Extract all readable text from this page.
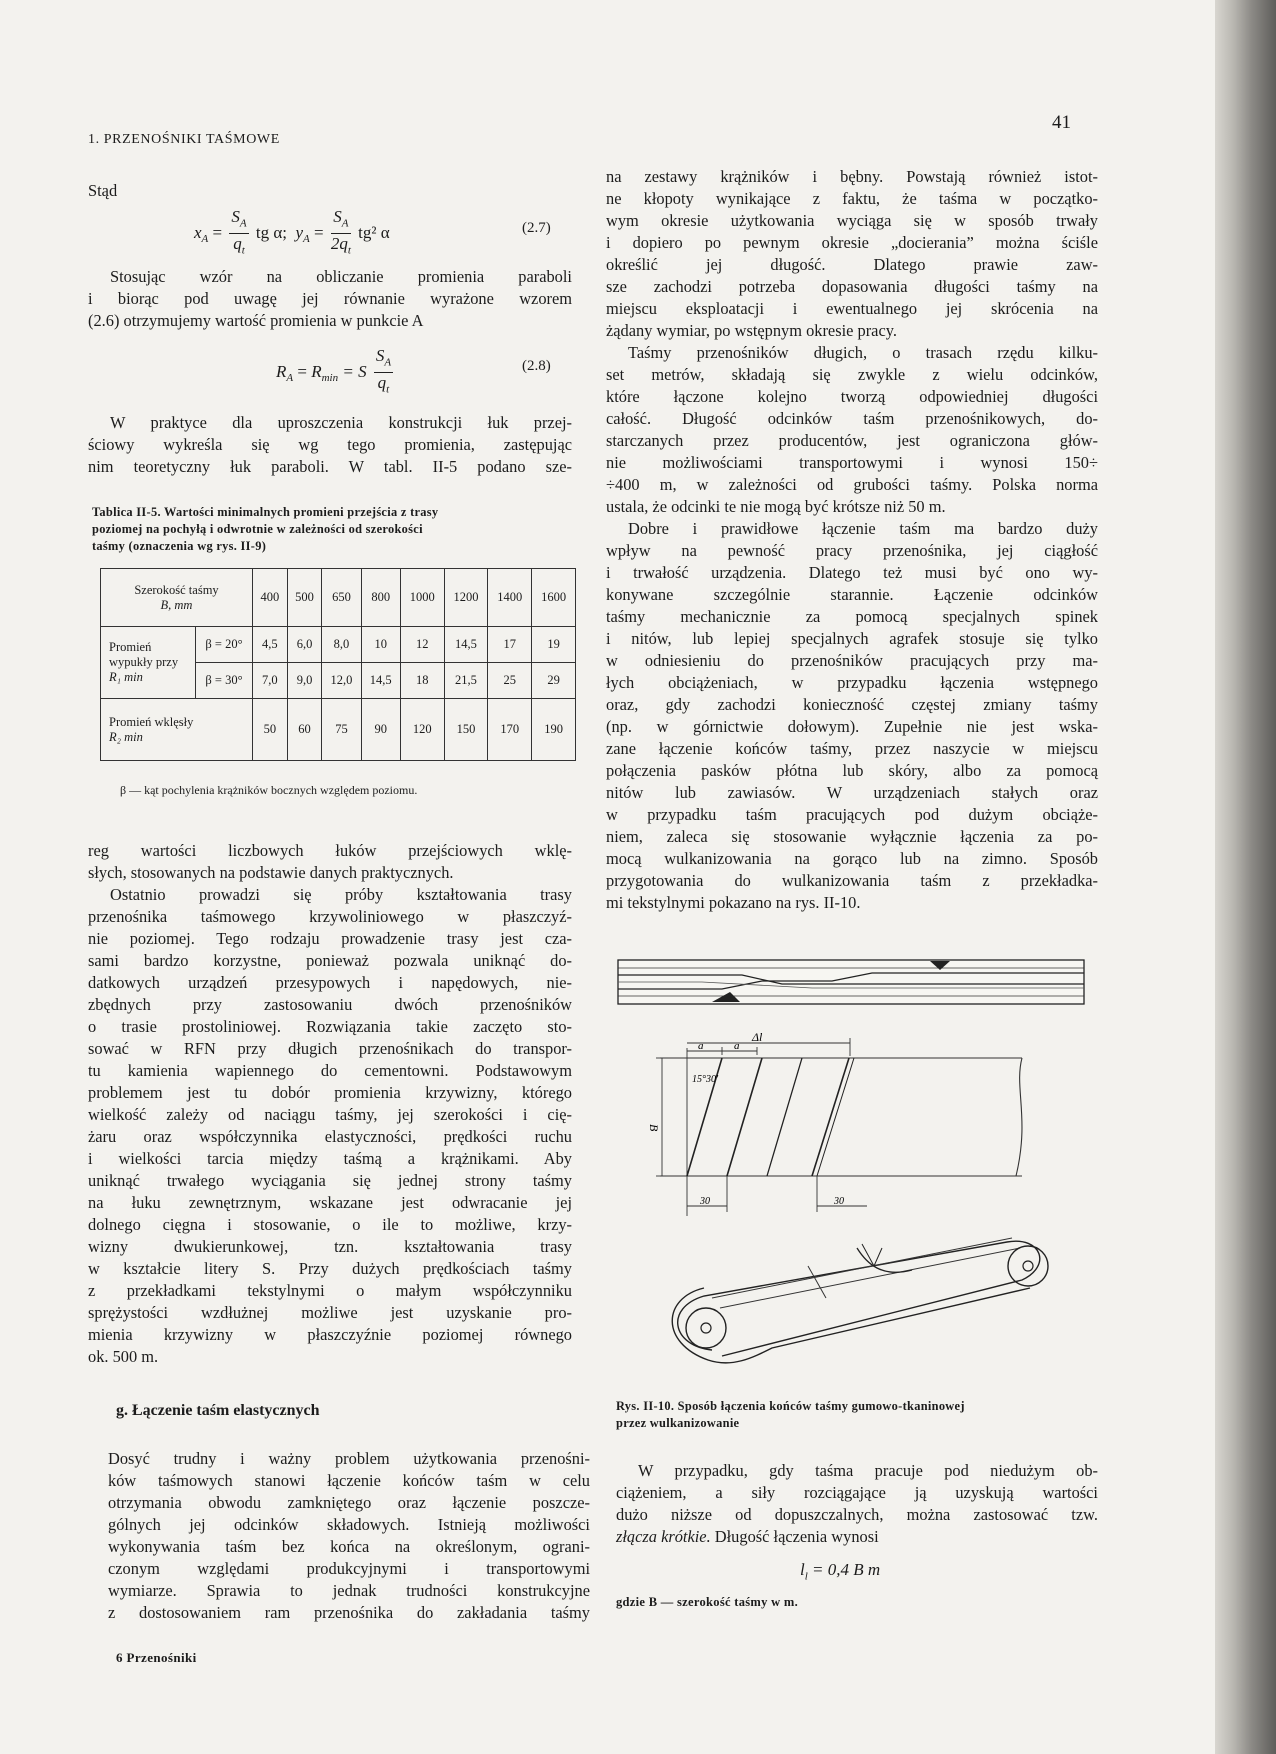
1. PRZENOŚNIKI TAŚMOWE
41
Stąd
$x_A = \frac{S_A}{q_t}$ tg α; $y_A = \frac{S_A}{2q_t} tg^2$ α	(2.7)

Stosując wzór na obliczanie promienia paraboli

i biorąc pod uwagę jej równanie wyrażone wzorem

(2.6) otrzymujemy wartość promienia w punkcie A

$R_A = R_{min} = S \frac{S_A}{q_t}$	(2.8)

W praktyce dla uproszczenia konstrukcji łuk przej-

ściowy wykreśla się wg tego promienia, zastępując

nim teoretyczny łuk paraboli. W tabl. II-5 podano sze-

Tablica II-5. Wartości minimalnych promieni przejścia z trasy
poziomej na pochyłą i odwrotnie w zależności od szerokości
taśmy (oznaczenia wg rys. II-9)
Szerokość taśmy
B, mm		400	500	650	800	1000	1200	1400	1600
Promień
wypukły przy
R₁ min	β = 20°	4,5	6,0	8,0	10	12	14,5	17	19
	β = 30°	7,0	9,0	12,0	14,5	18	21,5	25	29
Promień wklęsły
R₂ min		50	60	75	90	120	150	170	190
β — kąt pochylenia krążników bocznych względem poziomu.

reg wartości liczbowych łuków przejściowych wklę-

słych, stosowanych na podstawie danych praktycznych.

Ostatnio prowadzi się próby kształtowania trasy

przenośnika taśmowego krzywoliniowego w płaszczyź-

nie poziomej. Tego rodzaju prowadzenie trasy jest cza-

sami bardzo korzystne, ponieważ pozwala uniknąć do-

datkowych urządzeń przesypowych i napędowych, nie-

zbędnych przy zastosowaniu dwóch przenośników

o trasie prostoliniowej. Rozwiązania takie zaczęto sto-

sować w RFN przy długich przenośnikach do transpor-

tu kamienia wapiennego do cementowni. Podstawowym

problemem jest tu dobór promienia krzywizny, którego

wielkość zależy od naciągu taśmy, jej szerokości i cię-

żaru oraz współczynnika elastyczności, prędkości ruchu

i wielkości tarcia między taśmą a krążnikami. Aby

uniknąć trwałego wyciągania się jednej strony taśmy

na łuku zewnętrznym, wskazane jest odwracanie jej

dolnego cięgna i stosowanie, o ile to możliwe, krzy-

wizny dwukierunkowej, tzn. kształtowania trasy

w kształcie litery S. Przy dużych prędkościach taśmy

z przekładkami tekstylnymi o małym współczynniku

sprężystości wzdłużnej możliwe jest uzyskanie pro-

mienia krzywizny w płaszczyźnie poziomej równego

ok. 500 m.

g. Łączenie taśm elastycznych

Dosyć trudny i ważny problem użytkowania przenośni-

ków taśmowych stanowi łączenie końców taśm w celu

otrzymania obwodu zamkniętego oraz łączenie poszcze-

gólnych jej odcinków składowych. Istnieją możliwości

wykonywania taśm bez końca na określonym, ograni-

czonym względami produkcyjnymi i transportowymi

wymiarze. Sprawia to jednak trudności konstrukcyjne

z dostosowaniem ram przenośnika do zakładania taśmy

6 Przenośniki

na zestawy krążników i bębny. Powstają również istot-

ne kłopoty wynikające z faktu, że taśma w początko-

wym okresie użytkowania wyciąga się w sposób trwały

i dopiero po pewnym okresie „docierania” można ściśle

określić jej długość. Dlatego prawie zaw-

sze zachodzi potrzeba dopasowania długości taśmy na

miejscu eksploatacji i ewentualnego jej skrócenia na

żądany wymiar, po wstępnym okresie pracy.

Taśmy przenośników długich, o trasach rzędu kilku-

set metrów, składają się zwykle z wielu odcinków,

które łączone kolejno tworzą odpowiedniej długości

całość. Długość odcinków taśm przenośnikowych, do-

starczanych przez producentów, jest ograniczona głów-

nie możliwościami transportowymi i wynosi 150÷

÷400 m, w zależności od grubości taśmy. Polska norma

ustala, że odcinki te nie mogą być krótsze niż 50 m.

Dobre i prawidłowe łączenie taśm ma bardzo duży

wpływ na pewność pracy przenośnika, jej ciągłość

i trwałość urządzenia. Dlatego też musi być ono wy-

konywane szczególnie starannie. Łączenie odcinków

taśmy mechanicznie za pomocą specjalnych spinek

i nitów, lub lepiej specjalnych agrafek stosuje się tylko

w odniesieniu do przenośników pracujących przy ma-

łych obciążeniach, w przypadku łączenia wstępnego

oraz, gdy zachodzi konieczność częstej zmiany taśmy

(np. w górnictwie dołowym). Zupełnie nie jest wska-

zane łączenie końców taśmy, przez naszycie w miejscu

połączenia pasków płótna lub skóry, albo za pomocą

nitów lub zawiasów. W urządzeniach stałych oraz

w przypadku taśm pracujących pod dużym obciąże-

niem, zaleca się stosowanie wyłącznie łączenia za po-

mocą wulkanizowania na gorąco lub na zimno. Sposób

przygotowania do wulkanizowania taśm z przekładka-

mi tekstylnymi pokazano na rys. II-10.

Δl
a	a
15°30'
B
30	30
Rys. II-10. Sposób łączenia końców taśmy gumowo-tkaninowej
przez wulkanizowanie

W przypadku, gdy taśma pracuje pod niedużym ob-

ciążeniem, a siły rozciągające ją uzyskują wartości

dużo niższe od dopuszczalnych, można zastosować tzw.

złącza krótkie. Długość łączenia wynosi

$l_l = 0,4$ B m
gdzie B — szerokość taśmy w m.
